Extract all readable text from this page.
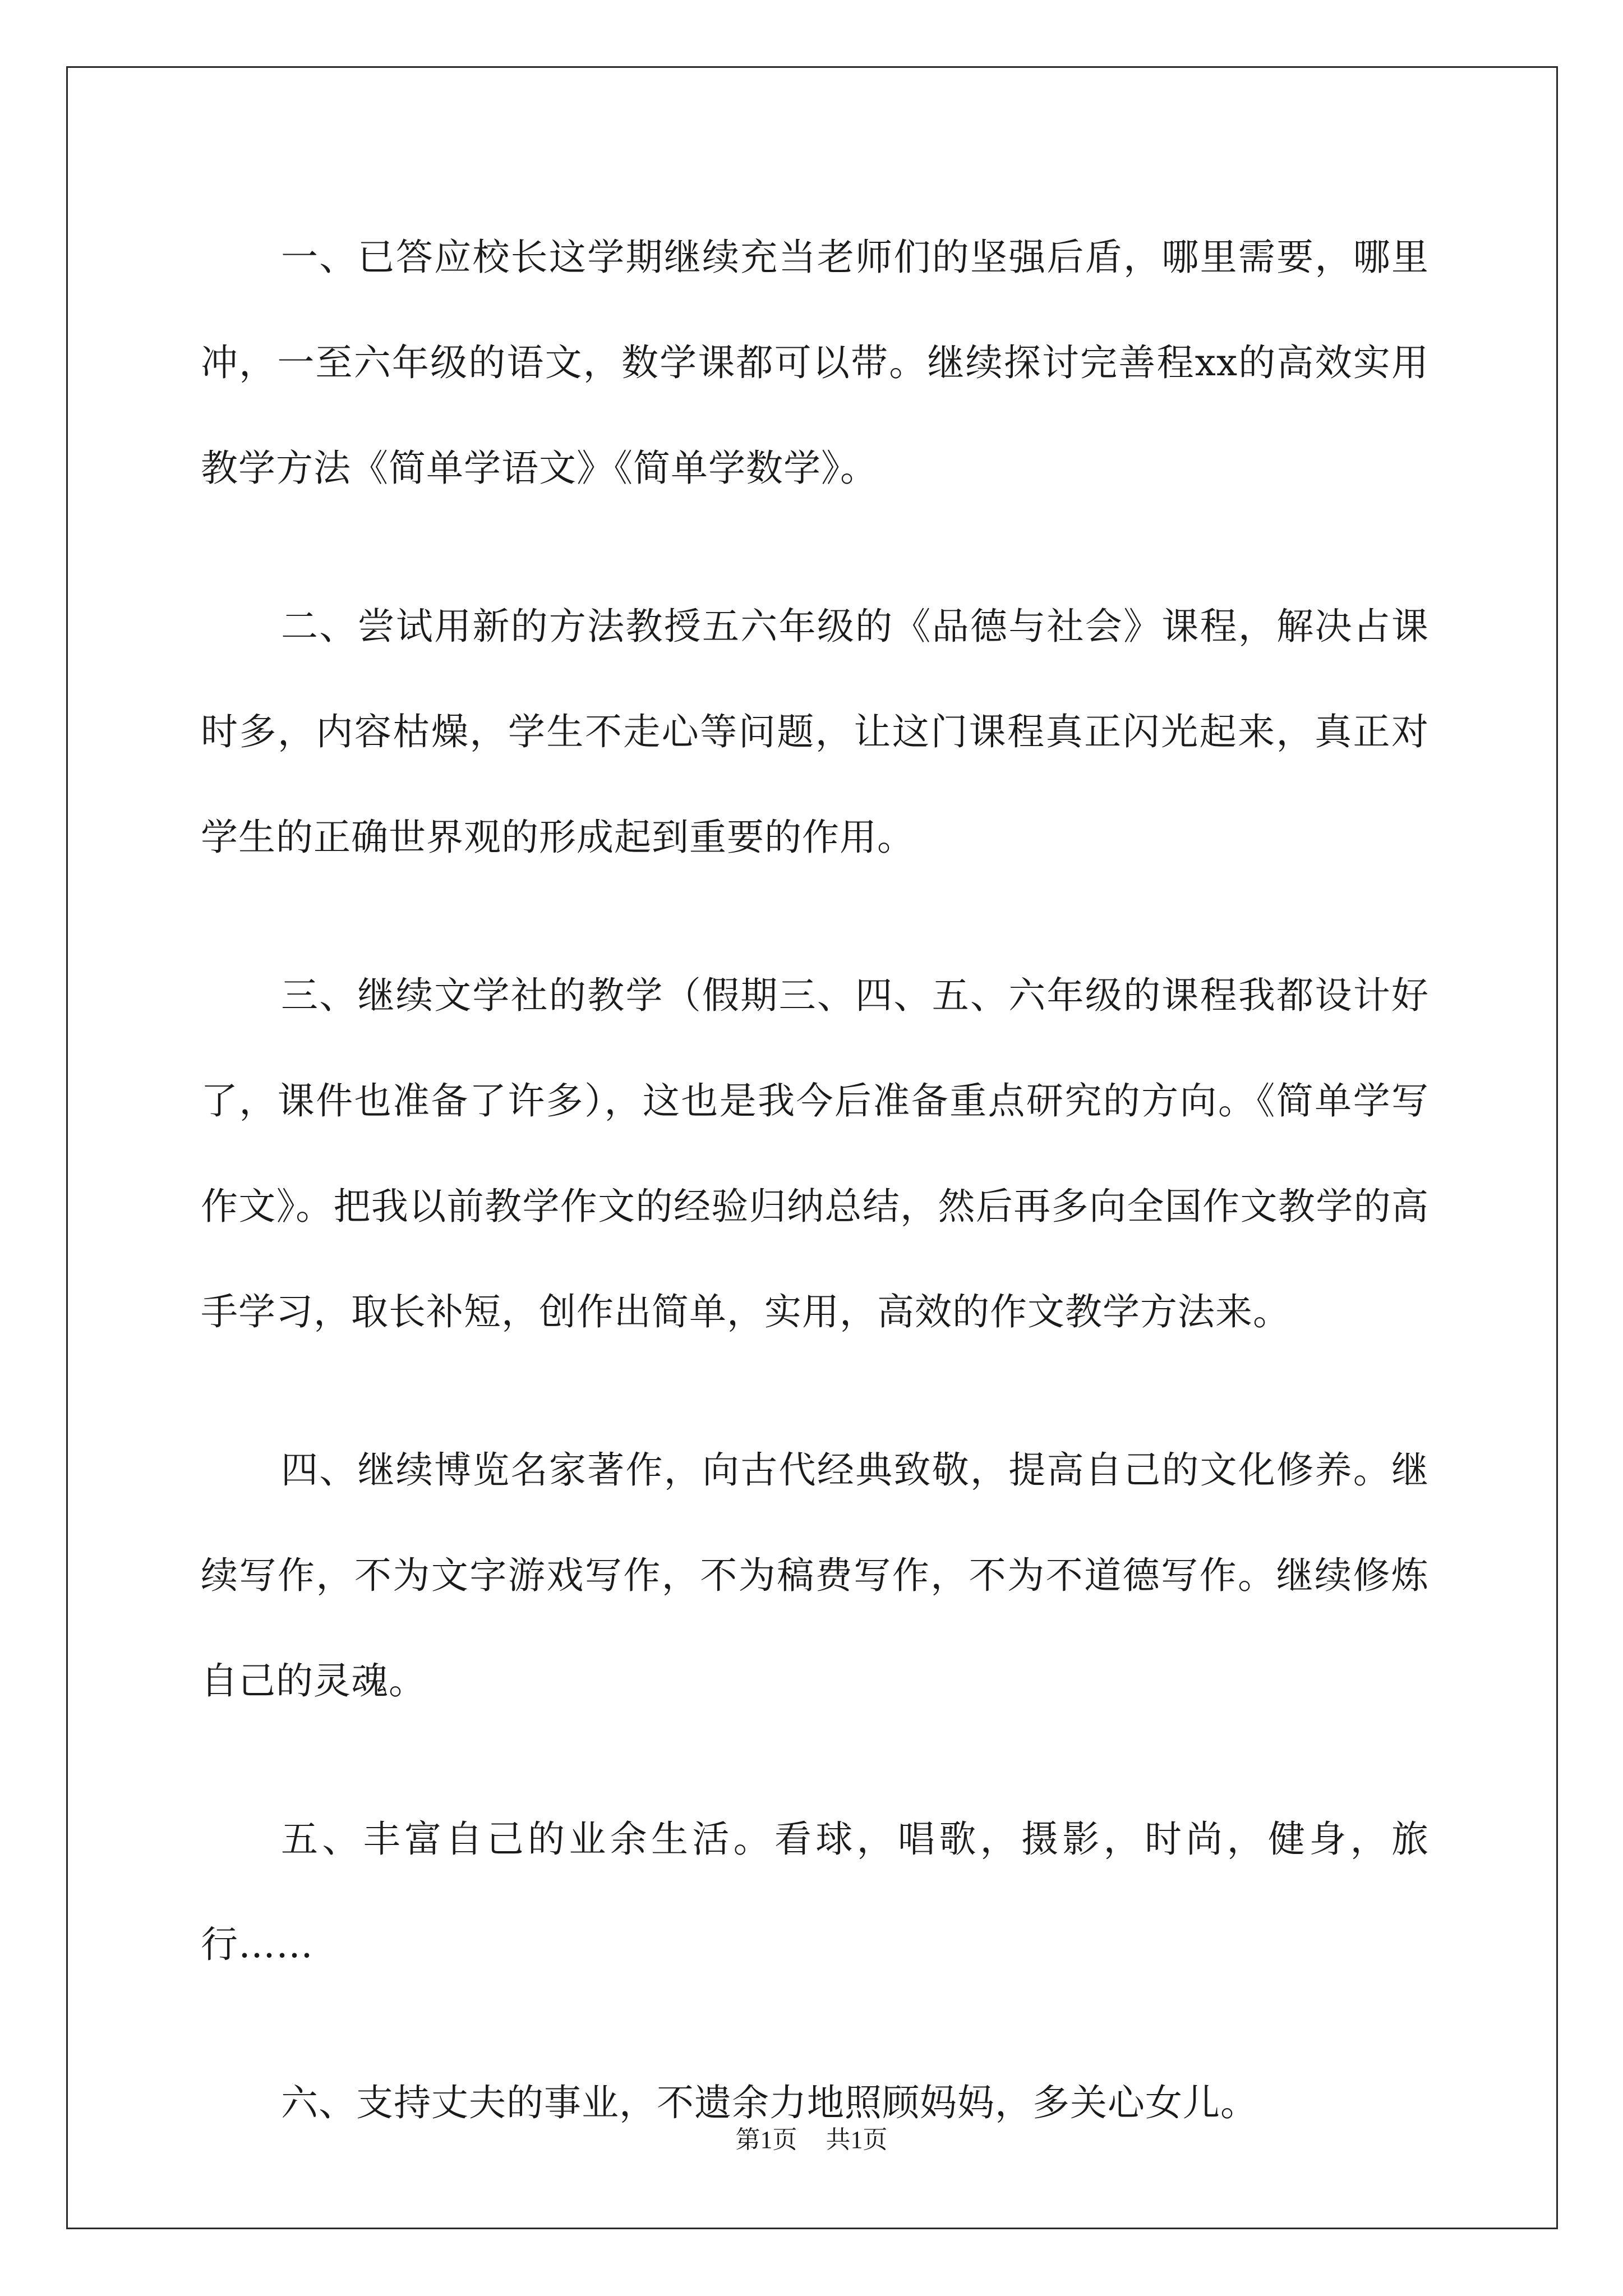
一、已答应校长这学期继续充当老师们的坚强后盾，哪里需要，哪里冲，一至六年级的语文，数学课都可以带。继续探讨完善程xx的高效实用教学方法《简单学语文》《简单学数学》。

二、尝试用新的方法教授五六年级的《品德与社会》课程，解决占课时多，内容枯燥，学生不走心等问题，让这门课程真正闪光起来，真正对学生的正确世界观的形成起到重要的作用。

三、继续文学社的教学（假期三、四、五、六年级的课程我都设计好了，课件也准备了许多），这也是我今后准备重点研究的方向。《简单学写作文》。把我以前教学作文的经验归纳总结，然后再多向全国作文教学的高手学习，取长补短，创作出简单，实用，高效的作文教学方法来。

四、继续博览名家著作，向古代经典致敬，提高自己的文化修养。继续写作，不为文字游戏写作，不为稿费写作，不为不道德写作。继续修炼自己的灵魂。

五、丰富自己的业余生活。看球，唱歌，摄影，时尚，健身，旅行……

六、支持丈夫的事业，不遗余力地照顾妈妈，多关心女儿。

第1页 共1页
